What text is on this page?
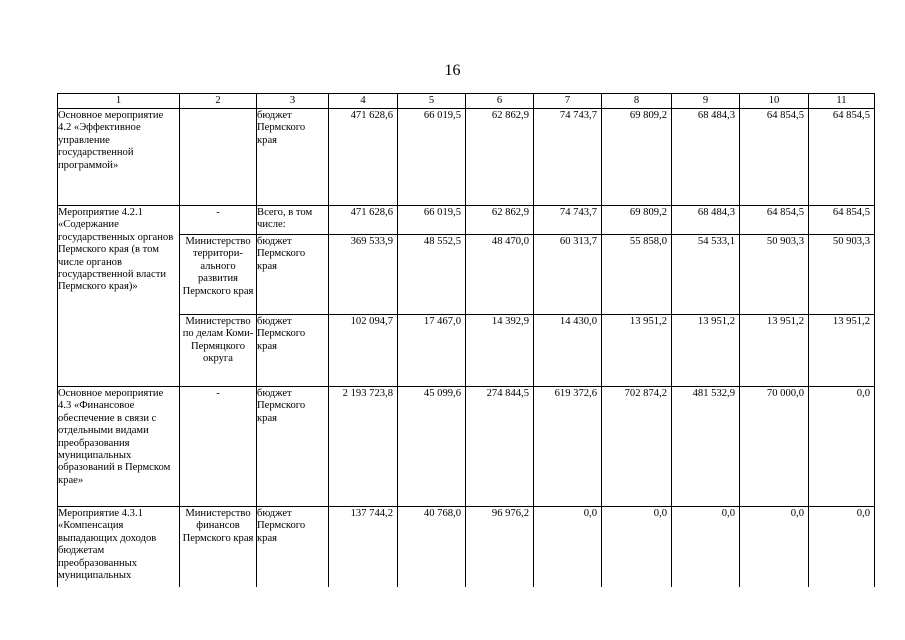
16
1	2	3	4	5	6	7	8	9	10	11
Основное мероприятие 4.2 «Эффективное управление государственной программой»		бюджет Пермского края	471 628,6	66 019,5	62 862,9	74 743,7	69 809,2	68 484,3	64 854,5	64 854,5
Мероприятие 4.2.1 «Содержание государственных органов Пермского края (в том числе органов государственной власти Пермского края)»	-	Всего, в том числе:	471 628,6	66 019,5	62 862,9	74 743,7	69 809,2	68 484,3	64 854,5	64 854,5
	Министерство территори-ального развития Пермского края	бюджет Пермского края	369 533,9	48 552,5	48 470,0	60 313,7	55 858,0	54 533,1	50 903,3	50 903,3
	Министерство по делам Коми-Пермяцкого округа	бюджет Пермского края	102 094,7	17 467,0	14 392,9	14 430,0	13 951,2	13 951,2	13 951,2	13 951,2
Основное мероприятие 4.3 «Финансовое обеспечение в связи с отдельными видами преобразования муниципальных образований в Пермском крае»	-	бюджет Пермского края	2 193 723,8	45 099,6	274 844,5	619 372,6	702 874,2	481 532,9	70 000,0	0,0

Мероприятие 4.3.1 «Компенсация выпадающих доходов бюджетам преобразованных муниципальных	Министерство финансов Пермского края	бюджет Пермского края	137 744,2	40 768,0	96 976,2	0,0	0,0	0,0	0,0	0,0
